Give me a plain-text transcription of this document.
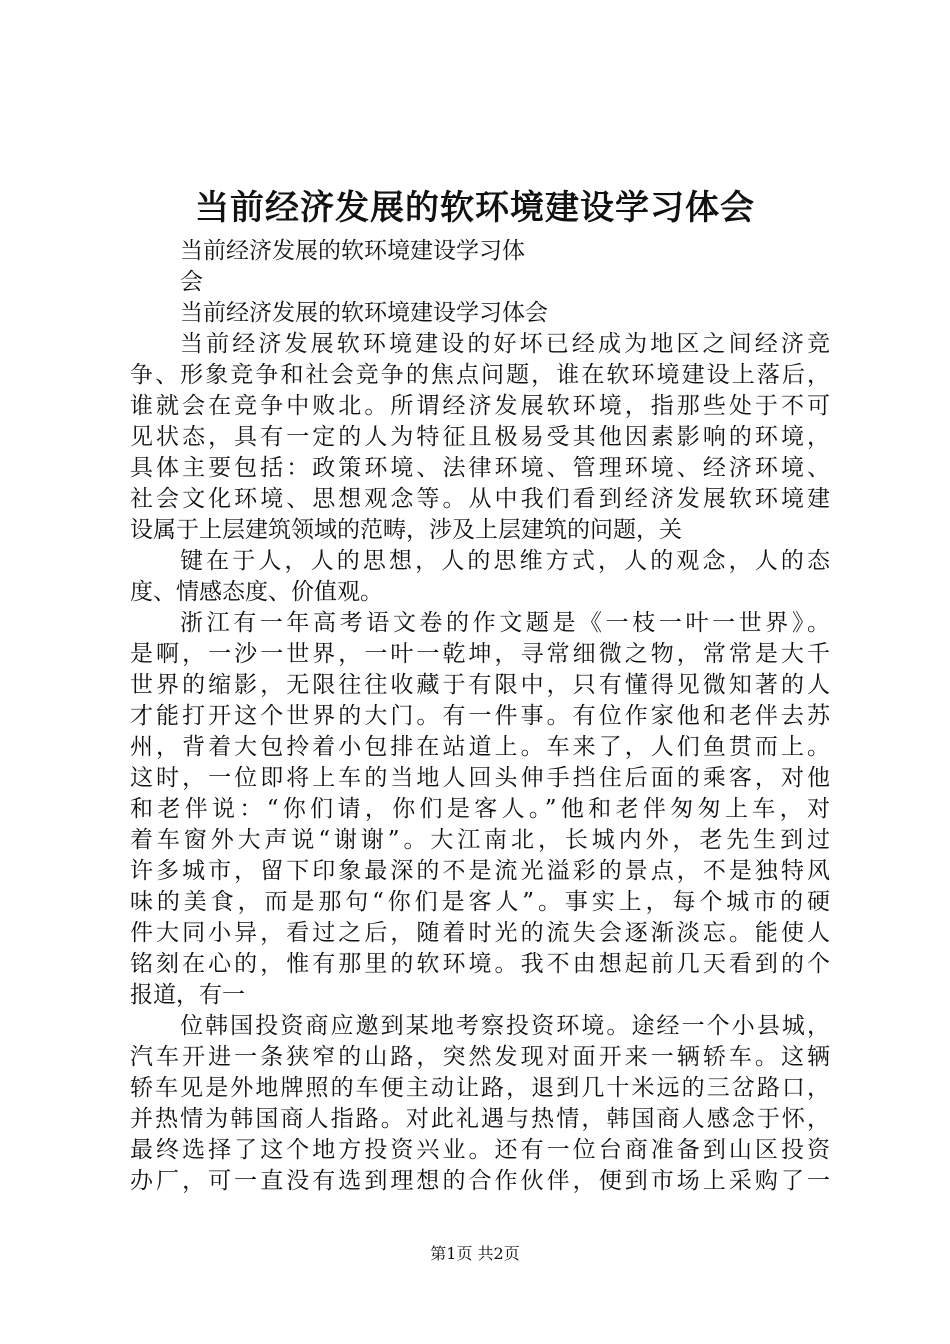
当前经济发展的软环境建设学习体会
当前经济发展的软环境建设学习体
会
当前经济发展的软环境建设学习体会
当前经济发展软环境建设的好坏已经成为地区之间经济竞
争、形象竞争和社会竞争的焦点问题，谁在软环境建设上落后，
谁就会在竞争中败北。所谓经济发展软环境，指那些处于不可
见状态，具有一定的人为特征且极易受其他因素影响的环境，
具体主要包括：政策环境、法律环境、管理环境、经济环境、
社会文化环境、思想观念等。从中我们看到经济发展软环境建
设属于上层建筑领域的范畴，涉及上层建筑的问题，关
键在于人，人的思想，人的思维方式，人的观念，人的态
度、情感态度、价值观。
浙江有一年高考语文卷的作文题是《一枝一叶一世界》。
是啊，一沙一世界，一叶一乾坤，寻常细微之物，常常是大千
世界的缩影，无限往往收藏于有限中，只有懂得见微知著的人
才能打开这个世界的大门。有一件事。有位作家他和老伴去苏
州，背着大包拎着小包排在站道上。车来了，人们鱼贯而上。
这时，一位即将上车的当地人回头伸手挡住后面的乘客，对他
和老伴说：“你们请，你们是客人。”他和老伴匆匆上车，对
着车窗外大声说“谢谢”。大江南北，长城内外，老先生到过
许多城市，留下印象最深的不是流光溢彩的景点，不是独特风
味的美食，而是那句“你们是客人”。事实上，每个城市的硬
件大同小异，看过之后，随着时光的流失会逐渐淡忘。能使人
铭刻在心的，惟有那里的软环境。我不由想起前几天看到的个
报道，有一
位韩国投资商应邀到某地考察投资环境。途经一个小县城，
汽车开进一条狭窄的山路，突然发现对面开来一辆轿车。这辆
轿车见是外地牌照的车便主动让路，退到几十米远的三岔路口，
并热情为韩国商人指路。对此礼遇与热情，韩国商人感念于怀，
最终选择了这个地方投资兴业。还有一位台商准备到山区投资
办厂，可一直没有选到理想的合作伙伴，便到市场上采购了一
第1页 共2页
